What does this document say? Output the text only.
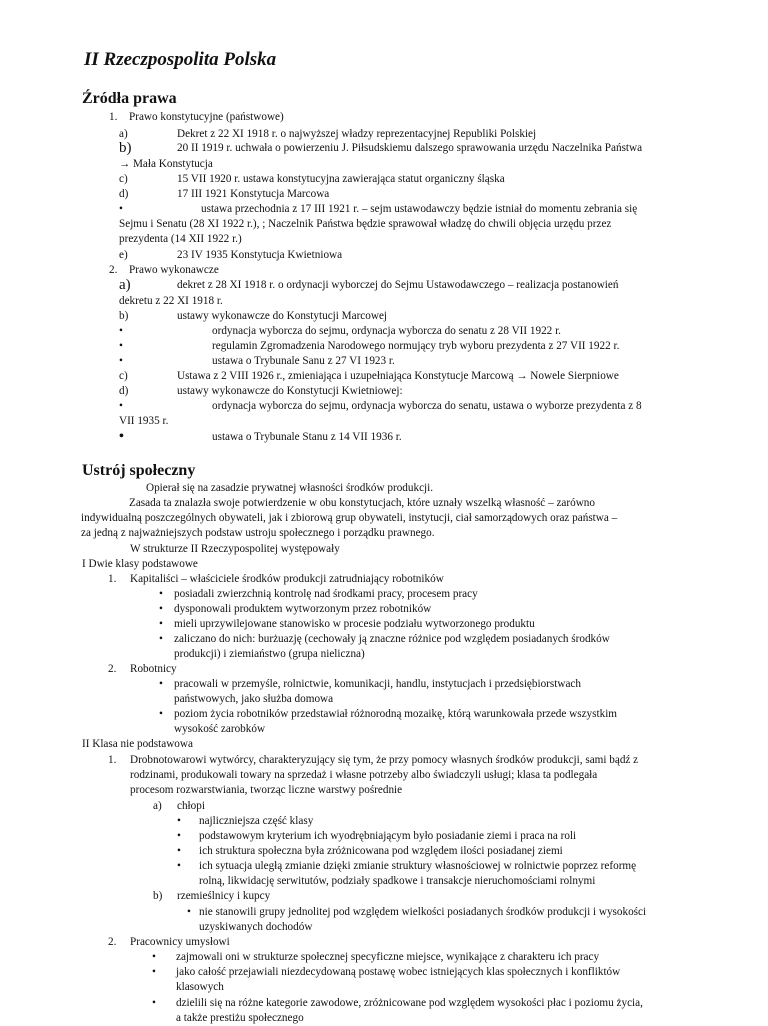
II Rzeczpospolita Polska
Źródła prawa
1. Prawo konstytucyjne (państwowe)
a)	Dekret z 22 XI 1918 r. o najwyższej władzy reprezentacyjnej Republiki Polskiej
b)	20 II 1919 r. uchwała o powierzeniu J. Piłsudskiemu dalszego sprawowania urzędu Naczelnika Państwa
→ Mała Konstytucja
c)	15 VII 1920 r. ustawa konstytucyjna zawierająca statut organiczny śląska
d)	17 III 1921 Konstytucja Marcowa
•	ustawa przechodnia z 17 III 1921 r. – sejm ustawodawczy będzie istniał do momentu zebrania się
Sejmu i Senatu (28 XI 1922 r.), ; Naczelnik Państwa będzie sprawował władzę do chwili objęcia urzędu przez
prezydenta (14 XII 1922 r.)
e)	23 IV 1935 Konstytucja Kwietniowa
2. Prawo wykonawcze
a)	dekret z 28 XI 1918 r. o ordynacji wyborczej do Sejmu Ustawodawczego – realizacja postanowień
dekretu z 22 XI 1918 r.
b)	ustawy wykonawcze do Konstytucji Marcowej
•	ordynacja wyborcza do sejmu, ordynacja wyborcza do senatu z 28 VII 1922 r.
•	regulamin Zgromadzenia Narodowego normujący tryb wyboru prezydenta z 27 VII 1922 r.
•	ustawa o Trybunale Sanu z 27 VI 1923 r.
c)	Ustawa z 2 VIII 1926 r., zmieniająca i uzupełniająca Konstytucje Marcową → Nowele Sierpniowe
d)	ustawy wykonawcze do Konstytucji Kwietniowej:
•	ordynacja wyborcza do sejmu, ordynacja wyborcza do senatu, ustawa o wyborze prezydenta z 8
VII 1935 r.
•	ustawa o Trybunale Stanu z 14 VII 1936 r.
Ustrój społeczny
Opierał się na zasadzie prywatnej własności środków produkcji.
Zasada ta znalazła swoje potwierdzenie w obu konstytucjach, które uznały wszelką własność – zarówno
indywidualną poszczególnych obywateli, jak i zbiorową grup obywateli, instytucji, ciał samorządowych oraz państwa –
za jedną z najważniejszych podstaw ustroju społecznego i porządku prawnego.
W strukturze II Rzeczypospolitej występowały
I Dwie klasy podstawowe
1. Kapitaliści – właściciele środków produkcji zatrudniający robotników
• posiadali zwierzchnią kontrolę nad środkami pracy, procesem pracy
• dysponowali produktem wytworzonym przez robotników
• mieli uprzywilejowane stanowisko w procesie podziału wytworzonego produktu
• zaliczano do nich: burżuazję (cechowały ją znaczne różnice pod względem posiadanych środków
produkcji) i ziemiaństwo (grupa nieliczna)
2. Robotnicy
• pracowali w przemyśle, rolnictwie, komunikacji, handlu, instytucjach i przedsiębiorstwach
państwowych, jako służba domowa
• poziom życia robotników przedstawiał różnorodną mozaikę, którą warunkowała przede wszystkim
wysokość zarobków
II Klasa nie podstawowa
1. Drobnotowarowi wytwórcy, charakteryzujący się tym, że przy pomocy własnych środków produkcji, sami bądź z
rodzinami, produkowali towary na sprzedaż i własne potrzeby albo świadczyli usługi; klasa ta podlegała
procesom rozwarstwiania, tworząc liczne warstwy pośrednie
a) chłopi
• najliczniejsza część klasy
• podstawowym kryterium ich wyodrębniającym było posiadanie ziemi i praca na roli
• ich struktura społeczna była zróżnicowana pod względem ilości posiadanej ziemi
• ich sytuacja uległą zmianie dzięki zmianie struktury własnościowej w rolnictwie poprzez reformę
rolną, likwidację serwitutów, podziały spadkowe i transakcje nieruchomościami rolnymi
b) rzemieślnicy i kupcy
• nie stanowili grupy jednolitej pod względem wielkości posiadanych środków produkcji i wysokości
uzyskiwanych dochodów
2. Pracownicy umysłowi
• zajmowali oni w strukturze społecznej specyficzne miejsce, wynikające z charakteru ich pracy
• jako całość przejawiali niezdecydowaną postawę wobec istniejących klas społecznych i konfliktów
klasowych
• dzielili się na różne kategorie zawodowe, zróżnicowane pod względem wysokości płac i poziomu życia,
a także prestiżu społecznego
